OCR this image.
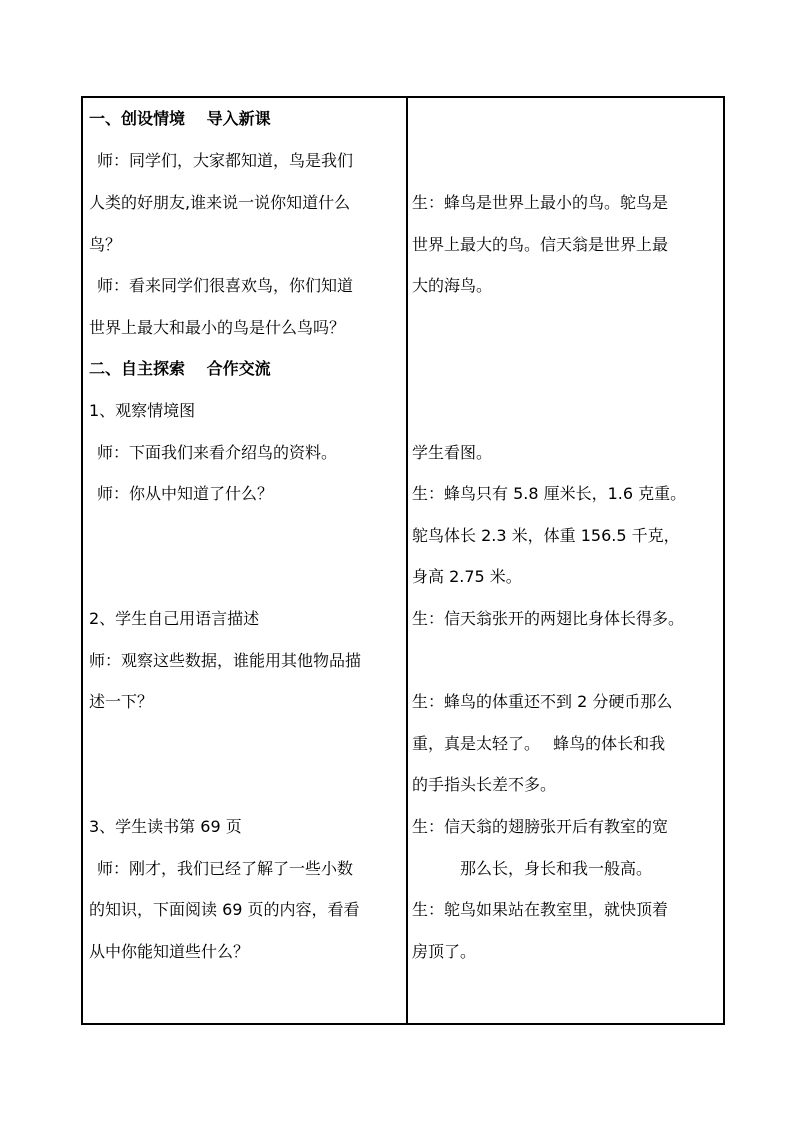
一、创设情境　 导入新课
师：同学们，大家都知道，鸟是我们
人类的好朋友,谁来说一说你知道什么
鸟？
师：看来同学们很喜欢鸟，你们知道
世界上最大和最小的鸟是什么鸟吗？
二、自主探索　 合作交流
1、观察情境图
师：下面我们来看介绍鸟的资料。
师：你从中知道了什么？
2、学生自己用语言描述
师：观察这些数据，谁能用其他物品描
述一下？
3、学生读书第 69 页
师：刚才，我们已经了解了一些小数
的知识，下面阅读 69 页的内容，看看
从中你能知道些什么？
生：蜂鸟是世界上最小的鸟。鸵鸟是
世界上最大的鸟。信天翁是世界上最
大的海鸟。
学生看图。
生：蜂鸟只有 5.8 厘米长，1.6 克重。
鸵鸟体长 2.3 米，体重 156.5 千克，
身高 2.75 米。
生：信天翁张开的两翅比身体长得多。
生：蜂鸟的体重还不到 2 分硬币那么
重，真是太轻了。　 蜂鸟的体长和我
的手指头长差不多。
生：信天翁的翅膀张开后有教室的宽
那么长，身长和我一般高。
生：鸵鸟如果站在教室里，就快顶着
房顶了。
